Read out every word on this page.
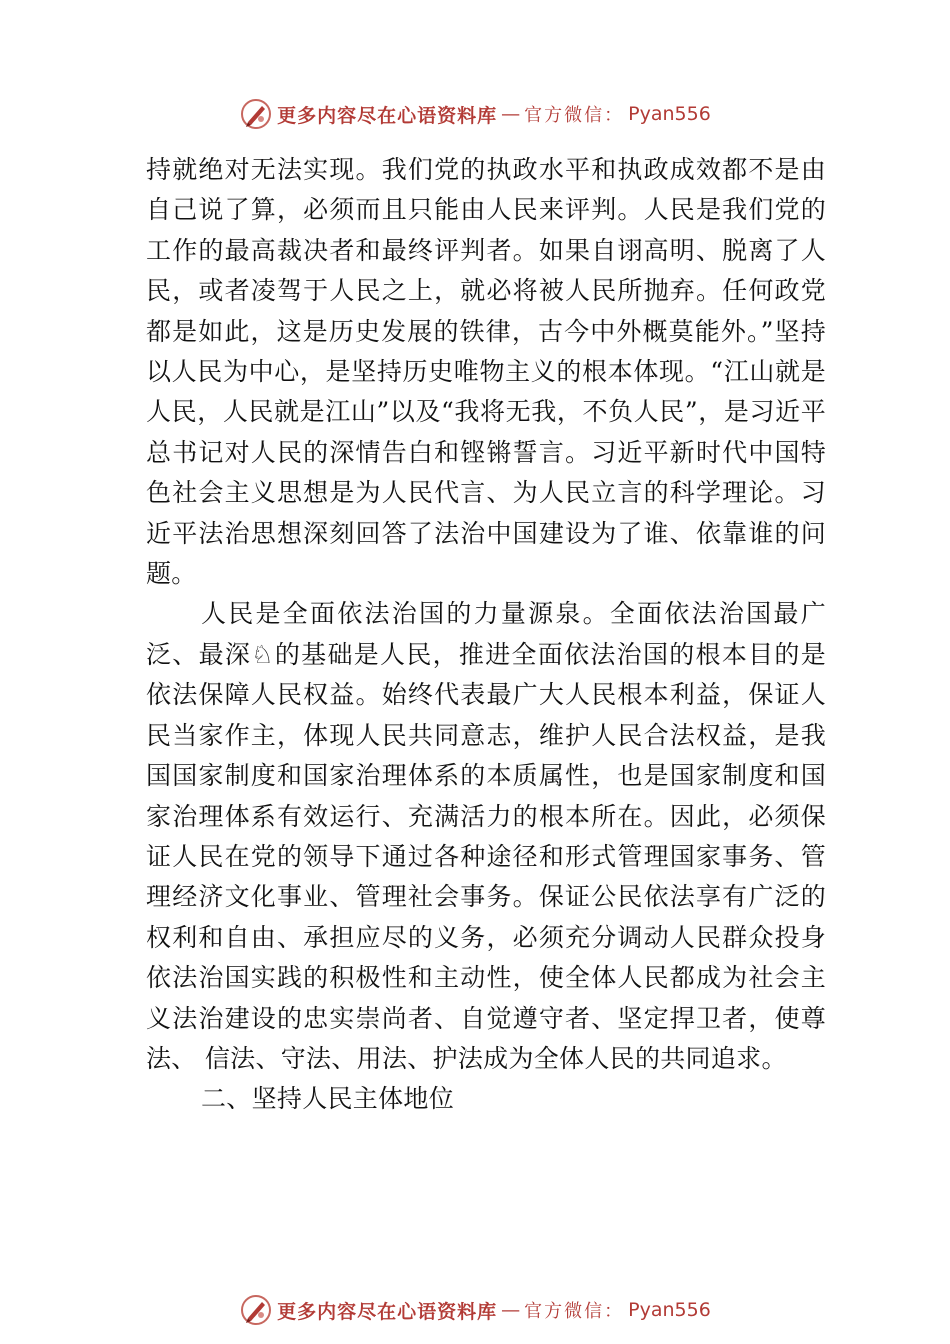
更多内容尽在心语资料库 — 官方微信： Pyan556

持就绝对无法实现。我们党的执政水平和执政成效都不是由自己说了算，必须而且只能由人民来评判。人民是我们党的工作的最高裁决者和最终评判者。如果自诩高明、脱离了人民，或者凌驾于人民之上，就必将被人民所抛弃。任何政党都是如此，这是历史发展的铁律，古今中外概莫能外。”坚持以人民为中心，是坚持历史唯物主义的根本体现。“江山就是人民，人民就是江山”以及“我将无我，不负人民”，是习近平总书记对人民的深情告白和铿锵誓言。习近平新时代中国特色社会主义思想是为人民代言、为人民立言的科学理论。习近平法治思想深刻回答了法治中国建设为了谁、依靠谁的问题。

人民是全面依法治国的力量源泉。全面依法治国最广泛、最深♘的基础是人民，推进全面依法治国的根本目的是依法保障人民权益。始终代表最广大人民根本利益，保证人民当家作主，体现人民共同意志，维护人民合法权益，是我国国家制度和国家治理体系的本质属性，也是国家制度和国家治理体系有效运行、充满活力的根本所在。因此，必须保证人民在党的领导下通过各种途径和形式管理国家事务、管理经济文化事业、管理社会事务。保证公民依法享有广泛的权利和自由、承担应尽的义务，必须充分调动人民群众投身依法治国实践的积极性和主动性，使全体人民都成为社会主义法治建设的忠实崇尚者、自觉遵守者、坚定捍卫者，使尊法、 信法、守法、用法、护法成为全体人民的共同追求。

二、坚持人民主体地位

更多内容尽在心语资料库 — 官方微信： Pyan556
